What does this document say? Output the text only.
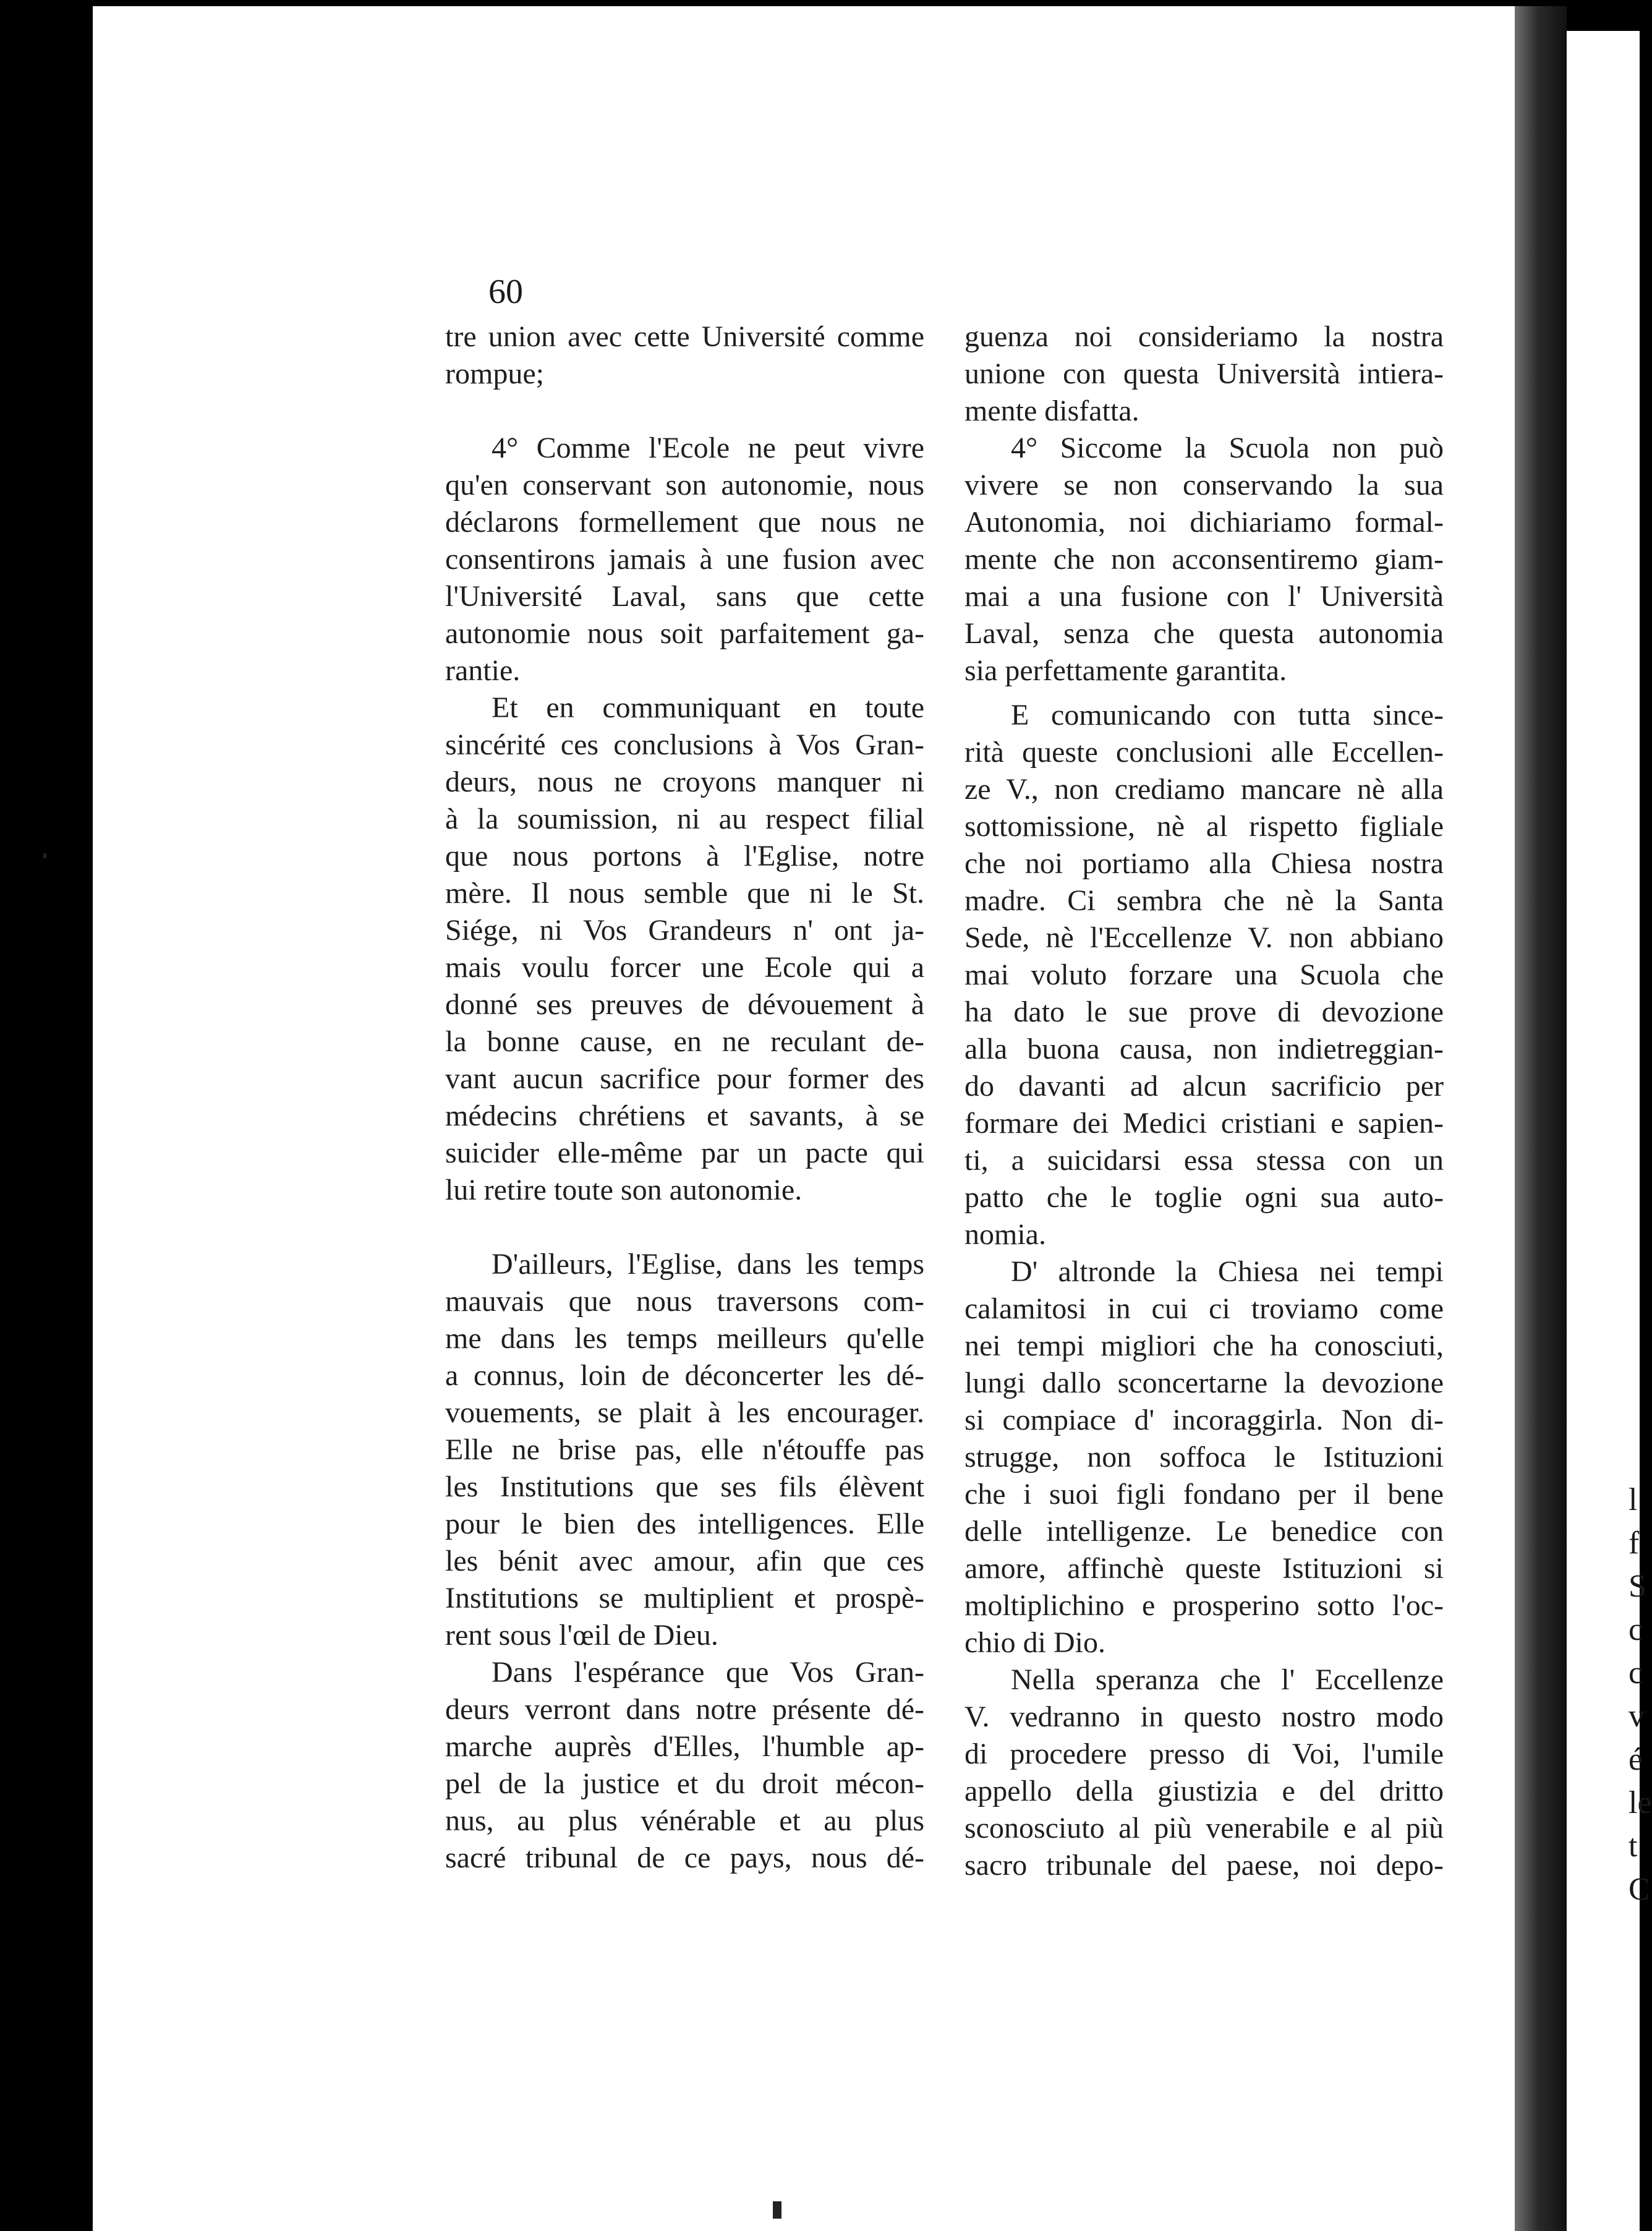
l
f
S
c
c
v
é
le
t
C
60
tre union avec cette Université comme
rompue;
4° Comme l'Ecole ne peut vivre
qu'en conservant son autonomie, nous
déclarons formellement que nous ne
consentirons jamais à une fusion avec
l'Université Laval, sans que cette
autonomie nous soit parfaitement ga-
rantie.
Et en communiquant en toute
sincérité ces conclusions à Vos Gran-
deurs, nous ne croyons manquer ni
à la soumission, ni au respect filial
que nous portons à l'Eglise, notre
mère. Il nous semble que ni le St.
Siége, ni Vos Grandeurs n' ont ja-
mais voulu forcer une Ecole qui a
donné ses preuves de dévouement à
la bonne cause, en ne reculant de-
vant aucun sacrifice pour former des
médecins chrétiens et savants, à se
suicider elle-même par un pacte qui
lui retire toute son autonomie.
D'ailleurs, l'Eglise, dans les temps
mauvais que nous traversons com-
me dans les temps meilleurs qu'elle
a connus, loin de déconcerter les dé-
vouements, se plait à les encourager.
Elle ne brise pas, elle n'étouffe pas
les Institutions que ses fils élèvent
pour le bien des intelligences. Elle
les bénit avec amour, afin que ces
Institutions se multiplient et prospè-
rent sous l'œil de Dieu.
Dans l'espérance que Vos Gran-
deurs verront dans notre présente dé-
marche auprès d'Elles, l'humble ap-
pel de la justice et du droit mécon-
nus, au plus vénérable et au plus
sacré tribunal de ce pays, nous dé-
guenza noi consideriamo la nostra
unione con questa Università intiera-
mente disfatta.
4° Siccome la Scuola non può
vivere se non conservando la sua
Autonomia, noi dichiariamo formal-
mente che non acconsentiremo giam-
mai a una fusione con l' Università
Laval, senza che questa autonomia
sia perfettamente garantita.
E comunicando con tutta since-
rità queste conclusioni alle Eccellen-
ze V., non crediamo mancare nè alla
sottomissione, nè al rispetto figliale
che noi portiamo alla Chiesa nostra
madre. Ci sembra che nè la Santa
Sede, nè l'Eccellenze V. non abbiano
mai voluto forzare una Scuola che
ha dato le sue prove di devozione
alla buona causa, non indietreggian-
do davanti ad alcun sacrificio per
formare dei Medici cristiani e sapien-
ti, a suicidarsi essa stessa con un
patto che le toglie ogni sua auto-
nomia.
D' altronde la Chiesa nei tempi
calamitosi in cui ci troviamo come
nei tempi migliori che ha conosciuti,
lungi dallo sconcertarne la devozione
si compiace d' incoraggirla. Non di-
strugge, non soffoca le Istituzioni
che i suoi figli fondano per il bene
delle intelligenze. Le benedice con
amore, affinchè queste Istituzioni si
moltiplichino e prosperino sotto l'oc-
chio di Dio.
Nella speranza che l' Eccellenze
V. vedranno in questo nostro modo
di procedere presso di Voi, l'umile
appello della giustizia e del dritto
sconosciuto al più venerabile e al più
sacro tribunale del paese, noi depo-
